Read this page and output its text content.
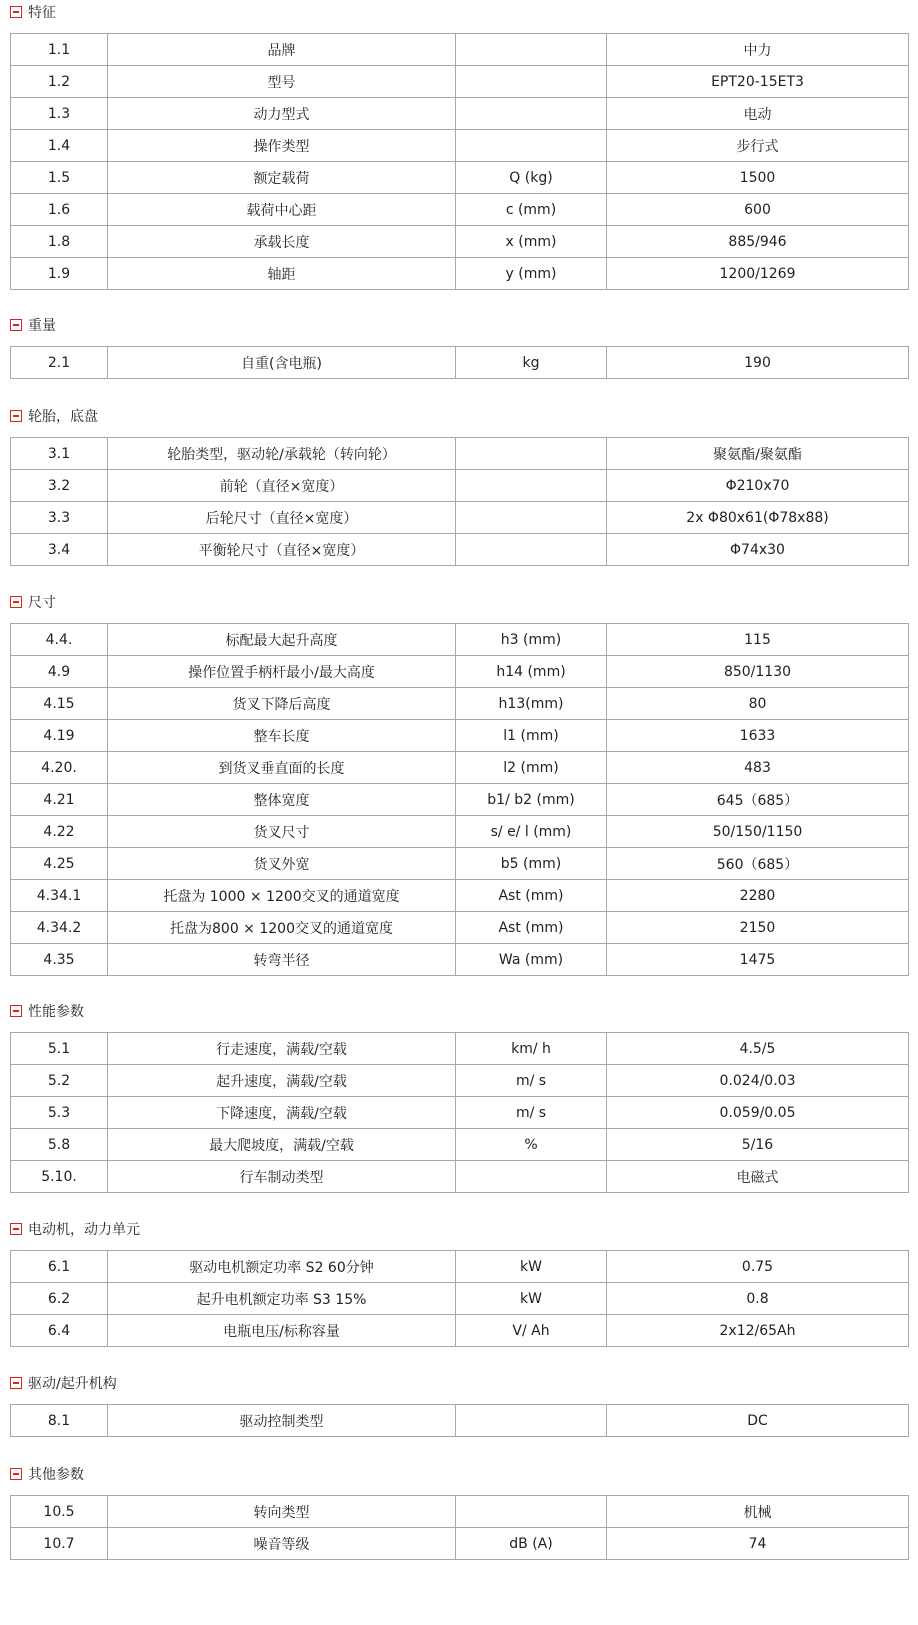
特征
1.1	品牌		中力
1.2	型号		EPT20-15ET3
1.3	动力型式		电动
1.4	操作类型		步行式
1.5	额定载荷	Q (kg)	1500
1.6	载荷中心距	c (mm)	600
1.8	承载长度	x (mm)	885/946
1.9	轴距	y (mm)	1200/1269
重量
2.1	自重(含电瓶)	kg	190
轮胎，底盘
3.1	轮胎类型，驱动轮/承载轮（转向轮）		聚氨酯/聚氨酯
3.2	前轮（直径×宽度）		Φ210x70
3.3	后轮尺寸（直径×宽度）		2x Φ80x61(Φ78x88)
3.4	平衡轮尺寸（直径×宽度）		Φ74x30
尺寸
4.4.	标配最大起升高度	h3 (mm)	115
4.9	操作位置手柄杆最小/最大高度	h14 (mm)	850/1130
4.15	货叉下降后高度	h13(mm)	80
4.19	整车长度	l1 (mm)	1633
4.20.	到货叉垂直面的长度	l2 (mm)	483
4.21	整体宽度	b1/ b2 (mm)	645（685）
4.22	货叉尺寸	s/ e/ l (mm)	50/150/1150
4.25	货叉外宽	b5 (mm)	560（685）
4.34.1	托盘为 1000 × 1200交叉的通道宽度	Ast (mm)	2280
4.34.2	托盘为800 × 1200交叉的通道宽度	Ast (mm)	2150
4.35	转弯半径	Wa (mm)	1475
性能参数
5.1	行走速度，满载/空载	km/ h	4.5/5
5.2	起升速度，满载/空载	m/ s	0.024/0.03
5.3	下降速度，满载/空载	m/ s	0.059/0.05
5.8	最大爬坡度，满载/空载	%	5/16
5.10.	行车制动类型		电磁式
电动机，动力单元
6.1	驱动电机额定功率 S2 60分钟	kW	0.75
6.2	起升电机额定功率 S3 15%	kW	0.8
6.4	电瓶电压/标称容量	V/ Ah	2x12/65Ah
驱动/起升机构
8.1	驱动控制类型		DC
其他参数
10.5	转向类型		机械
10.7	噪音等级	dB (A)	74
